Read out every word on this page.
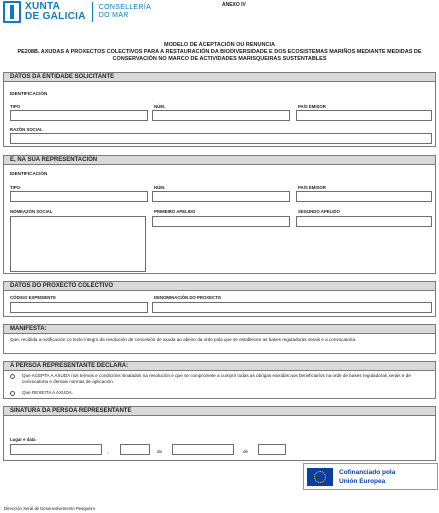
XUNTA
DE GALICIA
CONSELLERÍA
DO MAR
ANEXO IV
MODELO DE ACEPTACIÓN OU RENUNCIA
PE208B. AXUDAS A PROXECTOS COLECTIVOS PARA A RESTAURACIÓN DA BIODIVERSIDADE E DOS ECOSISTEMAS MARIÑOS MEDIANTE MEDIDAS DE CONSERVACIÓN NO MARCO DE ACTIVIDADES MARISQUEIRAS SUSTENTABLES
DATOS DA ENTIDADE SOLICITANTE
IDENTIFICACIÓN
TIPO	NÚM.	PAÍS EMISOR
RAZÓN SOCIAL
E, NA SÚA REPRESENTACIÓN
IDENTIFICACIÓN
TIPO	NÚM.	PAÍS EMISOR
NOMEAZÓN SOCIAL	PRIMEIRO APELIDO	SEGUNDO APELIDO
DATOS DO PROXECTO COLECTIVO
CÓDIGO EXPEDIENTE	DENOMINACIÓN DO PROXECTO
MANIFESTA:
Que, recibida a notificación co texto íntegro da resolución de concesión de axuda ao abeiro da orde pola que se establecen as bases reguladoras xerais e a convocatoria.
A PERSOA REPRESENTANTE DECLARA:
Que ACEPTA A AXUDA nos termos e condicións sinalados na resolución e que se compromete a cumprir todas as obrigas exixidas aos beneficiarios na orde de bases reguladoras xerais e de convocatoria e demais normas de aplicación.
Que REXEITA A AXUDA.
SINATURA DA PERSOA REPRESENTANTE
Lugar e data
,	de	de
Cofinanciado pola
Unión Europea
Dirección Xeral de Desenvolvemento Pesqueiro
